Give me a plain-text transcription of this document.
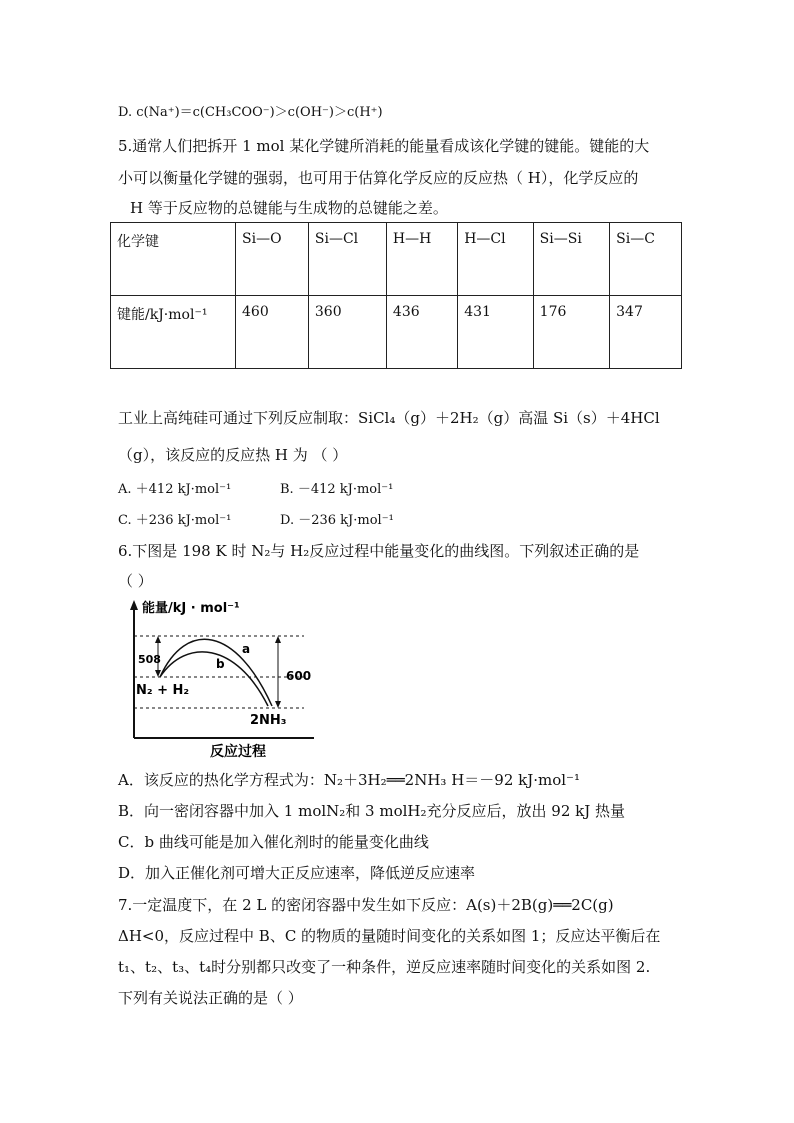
D. c(Na⁺)＝c(CH₃COO⁻)＞c(OH⁻)＞c(H⁺)
5.通常人们把拆开 1 mol 某化学键所消耗的能量看成该化学键的键能。键能的大
小可以衡量化学键的强弱，也可用于估算化学反应的反应热（ H），化学反应的
H 等于反应物的总键能与生成物的总键能之差。
化学键	Si—O	Si—Cl	H—H	H—Cl	Si—Si	Si—C
键能/kJ·mol⁻¹	460	360	436	431	176	347
工业上高纯硅可通过下列反应制取：SiCl₄（g）＋2H₂（g）高温 Si（s）＋4HCl
（g），该反应的反应热 H 为 （ ）
A. ＋412 kJ·mol⁻¹	B. －412 kJ·mol⁻¹
C. ＋236 kJ·mol⁻¹	D. －236 kJ·mol⁻¹
6.下图是 198 K 时 N₂与 H₂反应过程中能量变化的曲线图。下列叙述正确的是
（ ）
能量/kJ · mol⁻¹
508
600
a
b
N₂ + H₂
2NH₃
反应过程
A．该反应的热化学方程式为：N₂＋3H₂══2NH₃ H＝－92 kJ·mol⁻¹
B．向一密闭容器中加入 1 molN₂和 3 molH₂充分反应后，放出 92 kJ 热量
C．b 曲线可能是加入催化剂时的能量变化曲线
D．加入正催化剂可增大正反应速率，降低逆反应速率
7.一定温度下，在 2 L 的密闭容器中发生如下反应：A(s)＋2B(g)══2C(g)
ΔH<0，反应过程中 B、C 的物质的量随时间变化的关系如图 1；反应达平衡后在
t₁、t₂、t₃、t₄时分别都只改变了一种条件，逆反应速率随时间变化的关系如图 2.
下列有关说法正确的是（ ）
